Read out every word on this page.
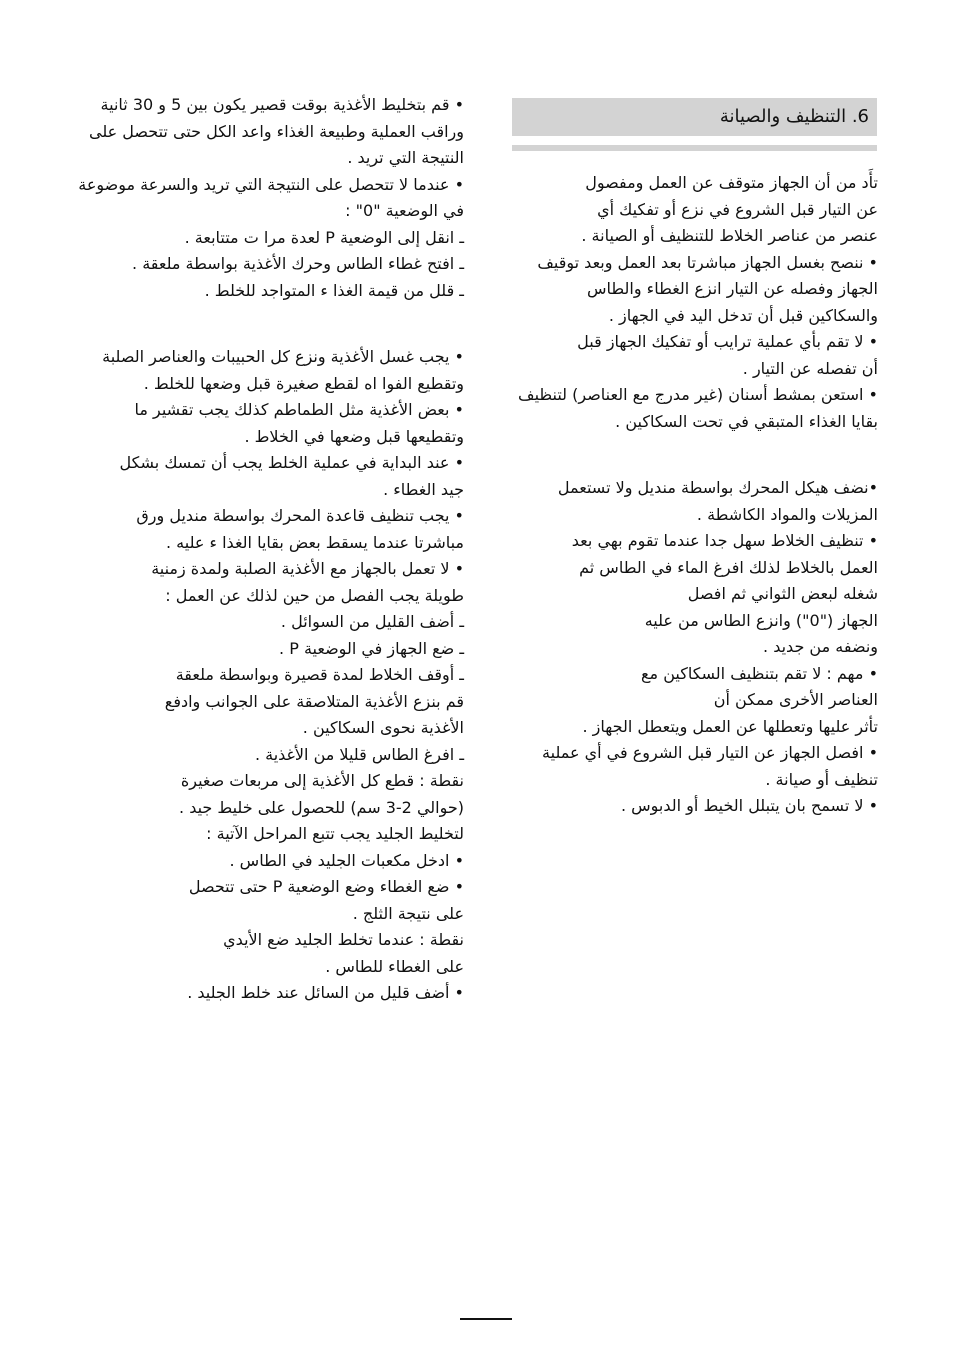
6. التنظيف والصيانة

تأ‌َد من أن الجهاز متوقف عن العمل ومفصول

عن التيار قبل الشروع في نزع أو تفكيك أي

عنصر من عناصر الخلاط للتنظيف أو الصيانة .

• ننصح بغسل الجهاز مباشرتا بعد العمل وبعد توقيف

الجهاز وفصله عن التيار انزع الغطاء والطاس

والسكاكين قبل أن تدخل اليد في الجهاز .

• لا تقم بأي عملية تر‌ايب أو تفكيك الجهاز قبل

أن تفصله عن التيار .

• استعن بمشط أسنان (غير مدرج مع العناصر) لتنظيف

بقايا الغذاء المتبقي في تحت السكاكين .

•نضف هيكل المحرك بواسطة منديل ولا تستعمل

المزيلات والمواد الكاشطة .

• تنظيف الخلاط سهل جدا عندما تقوم بهي بعد

العمل بالخلاط لذلك افرغ الماء في الطاس ثم

شغله لبعض الثواني ثم افصل

الجهاز ("0") وانزع الطاس من عليه

ونضفه من جديد .

• مهم : لا تقم بتنظيف السكاكين مع

العناصر الأخرى ممكن أن

تأثر عليها وتعطلها عن العمل ويتعطل الجهاز .

• افصل الجهاز عن التيار قبل الشروع في أي عملية

تنظيف أو صيانة .

• لا تسمح بان يتبلل الخيط أو الدبوس .

• قم بتخليط الأغذية بوقت قصير يكون بين 5 و 30 ثانية

وراقب العملية وطبيعة الغذاء واعد الكل حتى تتحصل على

النتيجة التي تريد .

• عندما لا تتحصل على النتيجة التي تريد والسرعة موضوعة

في الوضعية "0" :

ـ انقل إلى الوضعية P لعدة مرا ت متتابعة .

ـ افتح غطاء الطاس وحرك الأغذية بواسطة ملعقة .

ـ قلل من قيمة الغذا ء المتواجد للخلط .

• يجب غسل الأغذية ونزع كل الحبيبات والعناصر الصلبة

وتقطيع الفوا ‌اه لقطع صغيرة قبل وضعها للخلط .

• بعض الأغذية مثل الطماطم كذلك يجب تقشير ما

وتقطيعها قبل وضعها في الخلاط .

• عند البداية في عملية الخلط يجب أن تمسك بشكل

جيد الغطاء .

• يجب تنظيف قاعدة المحرك بواسطة منديل ورق

مباشرتا عندما يسقط بعض بقايا الغذا ء عليه .

• لا تعمل بالجهاز مع الأغذية الصلبة ولمدة زمنية

طويلة يجب الفصل من حين لذلك عن العمل :

ـ أضف القليل من السوائل .

ـ ضع الجهاز في الوضعية P .

ـ أوقف الخلاط لمدة قصيرة وبواسطة ملعقة

قم بنزع الأغذية المتلاصقة على الجوانب وادفع

الأغذية نحوى السكاكين .

ـ افرغ الطاس قليلا من الأغذية .

نقطة : قطع كل الأغذية إلى مربعات صغيرة

(حوالي 2-3 سم) للحصول على خليط جيد .

لتخليط الجليد يجب تتبع المراحل الآتية :

• ادخل مكعبات الجليد في الطاس .

• ضع الغطاء وضع الوضعية P حتى تتحصل

على نتيجة الثلج .

نقطة : عندما تخلط الجليد ضع الأيدي

على الغطاء للطاس .

• أضف قليل من السائل عند خلط الجليد .
